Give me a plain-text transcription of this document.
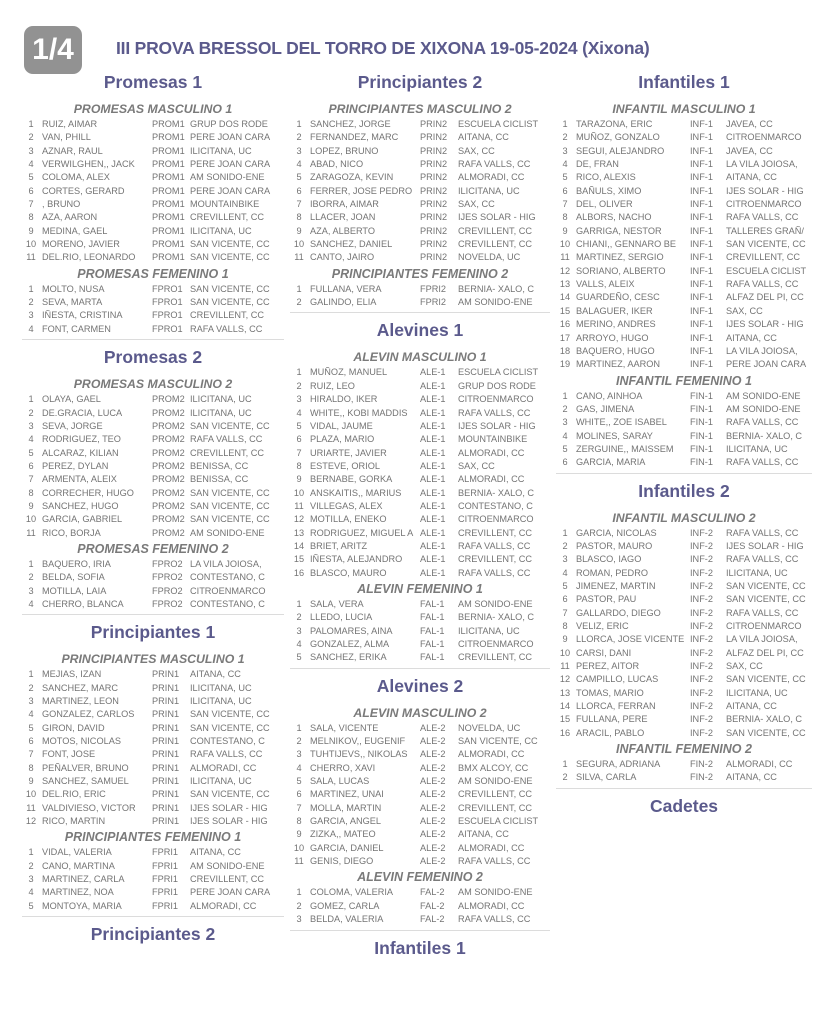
1/4	III PROVA BRESSOL DEL TORRO DE XIXONA 19-05-2024 (Xixona)
Promesas 1
PROMESAS MASCULINO 1
1 RUIZ, AIMAR	PROM1 GRUP DOS RODE
2 VAN, PHILL	PROM1 PERE JOAN CARA
3 AZNAR, RAUL	PROM1 ILICITANA, UC
4 VERWILGHEN,, JACK	PROM1 PERE JOAN CARA
5 COLOMA, ALEX	PROM1 AM SONIDO-ENE
6 CORTES, GERARD	PROM1 PERE JOAN CARA
7 , BRUNO	PROM1 MOUNTAINBIKE
8 AZA, AARON	PROM1 CREVILLENT, CC
9 MEDINA, GAEL	PROM1 ILICITANA, UC
10 MORENO, JAVIER	PROM1 SAN VICENTE, CC
11 DEL.RIO, LEONARDO	PROM1 SAN VICENTE, CC
PROMESAS FEMENINO 1
1 MOLTO, NUSA	FPRO1 SAN VICENTE, CC
2 SEVA, MARTA	FPRO1 SAN VICENTE, CC
3 IÑESTA, CRISTINA	FPRO1 CREVILLENT, CC
4 FONT, CARMEN	FPRO1 RAFA VALLS, CC
Promesas 2
PROMESAS MASCULINO 2
1 OLAYA, GAEL	PROM2 ILICITANA, UC
2 DE.GRACIA, LUCA	PROM2 ILICITANA, UC
3 SEVA, JORGE	PROM2 SAN VICENTE, CC
4 RODRIGUEZ, TEO	PROM2 RAFA VALLS, CC
5 ALCARAZ, KILIAN	PROM2 CREVILLENT, CC
6 PEREZ, DYLAN	PROM2 BENISSA, CC
7 ARMENTA, ALEIX	PROM2 BENISSA, CC
8 CORRECHER, HUGO	PROM2 SAN VICENTE, CC
9 SANCHEZ, HUGO	PROM2 SAN VICENTE, CC
10 GARCIA, GABRIEL	PROM2 SAN VICENTE, CC
11 RICO, BORJA	PROM2 AM SONIDO-ENE
PROMESAS FEMENINO 2
1 BAQUERO, IRIA	FPRO2 LA VILA JOIOSA,
2 BELDA, SOFIA	FPRO2 CONTESTANO, C
3 MOTILLA, LAIA	FPRO2 CITROENMARCO
4 CHERRO, BLANCA	FPRO2 CONTESTANO, C
Principiantes 1
PRINCIPIANTES MASCULINO 1
1 MEJIAS, IZAN	PRIN1	AITANA, CC
2 SANCHEZ, MARC	PRIN1	ILICITANA, UC
3 MARTINEZ, LEON	PRIN1	ILICITANA, UC
4 GONZALEZ, CARLOS	PRIN1	SAN VICENTE, CC
5 GIRON, DAVID	PRIN1	SAN VICENTE, CC
6 MOTOS, NICOLAS	PRIN1	CONTESTANO, C
7 FONT, JOSE	PRIN1	RAFA VALLS, CC
8 PEÑALVER, BRUNO	PRIN1	ALMORADI, CC
9 SANCHEZ, SAMUEL	PRIN1	ILICITANA, UC
10 DEL.RIO, ERIC	PRIN1	SAN VICENTE, CC
11 VALDIVIESO, VICTOR	PRIN1	IJES SOLAR - HIG
12 RICO, MARTIN	PRIN1	IJES SOLAR - HIG
PRINCIPIANTES FEMENINO 1
1 VIDAL, VALERIA	FPRI1	AITANA, CC
2 CANO, MARTINA	FPRI1	AM SONIDO-ENE
3 MARTINEZ, CARLA	FPRI1	CREVILLENT, CC
4 MARTINEZ, NOA	FPRI1	PERE JOAN CARA
5 MONTOYA, MARIA	FPRI1	ALMORADI, CC
Principiantes 2
Principiantes 2
PRINCIPIANTES MASCULINO 2
1 SANCHEZ, JORGE	PRIN2	ESCUELA CICLIST
2 FERNANDEZ, MARC	PRIN2	AITANA, CC
3 LOPEZ, BRUNO	PRIN2	SAX, CC
4 ABAD, NICO	PRIN2	RAFA VALLS, CC
5 ZARAGOZA, KEVIN	PRIN2	ALMORADI, CC
6 FERRER, JOSE PEDRO PRIN2	ILICITANA, UC
7 IBORRA, AIMAR	PRIN2	SAX, CC
8 LLACER, JOAN	PRIN2	IJES SOLAR - HIG
9 AZA, ALBERTO	PRIN2	CREVILLENT, CC
10 SANCHEZ, DANIEL	PRIN2	CREVILLENT, CC
11 CANTO, JAIRO	PRIN2	NOVELDA, UC
PRINCIPIANTES FEMENINO 2
1 FULLANA, VERA	FPRI2	BERNIA- XALO, C
2 GALINDO, ELIA	FPRI2	AM SONIDO-ENE
Alevines 1
ALEVIN MASCULINO 1
1 MUÑOZ, MANUEL	ALE-1	ESCUELA CICLIST
2 RUIZ, LEO	ALE-1	GRUP DOS RODE
3 HIRALDO, IKER	ALE-1	CITROENMARCO
4 WHITE,, KOBI MADDIS	ALE-1	RAFA VALLS, CC
5 VIDAL, JAUME	ALE-1	IJES SOLAR - HIG
6 PLAZA, MARIO	ALE-1	MOUNTAINBIKE
7 URIARTE, JAVIER	ALE-1	ALMORADI, CC
8 ESTEVE, ORIOL	ALE-1	SAX, CC
9 BERNABE, GORKA	ALE-1	ALMORADI, CC
10 ANSKAITIS,, MARIUS	ALE-1	BERNIA- XALO, C
11 VILLEGAS, ALEX	ALE-1	CONTESTANO, C
12 MOTILLA, ENEKO	ALE-1	CITROENMARCO
13 RODRIGUEZ, MIGUEL A ALE-1	CREVILLENT, CC
14 BRIET, ARITZ	ALE-1	RAFA VALLS, CC
15 IÑESTA, ALEJANDRO	ALE-1	CREVILLENT, CC
16 BLASCO, MAURO	ALE-1	RAFA VALLS, CC
ALEVIN FEMENINO 1
1 SALA, VERA	FAL-1	AM SONIDO-ENE
2 LLEDO, LUCIA	FAL-1	BERNIA- XALO, C
3 PALOMARES, AINA	FAL-1	ILICITANA, UC
4 GONZALEZ, ALMA	FAL-1	CITROENMARCO
5 SANCHEZ, ERIKA	FAL-1	CREVILLENT, CC
Alevines 2
ALEVIN MASCULINO 2
1 SALA, VICENTE	ALE-2	NOVELDA, UC
2 MELNIKOV,, EUGENIF	ALE-2	SAN VICENTE, CC
3 TUHTIJEVS,, NIKOLAS	ALE-2	ALMORADI, CC
4 CHERRO, XAVI	ALE-2	BMX ALCOY, CC
5 SALA, LUCAS	ALE-2	AM SONIDO-ENE
6 MARTINEZ, UNAI	ALE-2	CREVILLENT, CC
7 MOLLA, MARTIN	ALE-2	CREVILLENT, CC
8 GARCIA, ANGEL	ALE-2	ESCUELA CICLIST
9 ZIZKA,, MATEO	ALE-2	AITANA, CC
10 GARCIA, DANIEL	ALE-2	ALMORADI, CC
11 GENIS, DIEGO	ALE-2	RAFA VALLS, CC
ALEVIN FEMENINO 2
1 COLOMA, VALERIA	FAL-2	AM SONIDO-ENE
2 GOMEZ, CARLA	FAL-2	ALMORADI, CC
3 BELDA, VALERIA	FAL-2	RAFA VALLS, CC
Infantiles 1
Infantiles 1
INFANTIL MASCULINO 1
1 TARAZONA, ERIC	INF-1	JAVEA, CC
2 MUÑOZ, GONZALO	INF-1	CITROENMARCO
3 SEGUI, ALEJANDRO	INF-1	JAVEA, CC
4 DE, FRAN	INF-1	LA VILA JOIOSA,
5 RICO, ALEXIS	INF-1	AITANA, CC
6 BAÑULS, XIMO	INF-1	IJES SOLAR - HIG
7 DEL, OLIVER	INF-1	CITROENMARCO
8 ALBORS, NACHO	INF-1	RAFA VALLS, CC
9 GARRIGA, NESTOR	INF-1	TALLERES GRAÑ/
10 CHIANI,, GENNARO BE	INF-1	SAN VICENTE, CC
11 MARTINEZ, SERGIO	INF-1	CREVILLENT, CC
12 SORIANO, ALBERTO	INF-1	ESCUELA CICLIST
13 VALLS, ALEIX	INF-1	RAFA VALLS, CC
14 GUARDEÑO, CESC	INF-1	ALFAZ DEL PI, CC
15 BALAGUER, IKER	INF-1	SAX, CC
16 MERINO, ANDRES	INF-1	IJES SOLAR - HIG
17 ARROYO, HUGO	INF-1	AITANA, CC
18 BAQUERO, HUGO	INF-1	LA VILA JOIOSA,
19 MARTINEZ, AARON	INF-1	PERE JOAN CARA
INFANTIL FEMENINO 1
1 CANO, AINHOA	FIN-1	AM SONIDO-ENE
2 GAS, JIMENA	FIN-1	AM SONIDO-ENE
3 WHITE,, ZOE ISABEL	FIN-1	RAFA VALLS, CC
4 MOLINES, SARAY	FIN-1	BERNIA- XALO, C
5 ZERGUINE,, MAISSEM	FIN-1	ILICITANA, UC
6 GARCIA, MARIA	FIN-1	RAFA VALLS, CC
Infantiles 2
INFANTIL MASCULINO 2
1 GARCIA, NICOLAS	INF-2	RAFA VALLS, CC
2 PASTOR, MAURO	INF-2	IJES SOLAR - HIG
3 BLASCO, IAGO	INF-2	RAFA VALLS, CC
4 ROMAN, PEDRO	INF-2	ILICITANA, UC
5 JIMENEZ, MARTIN	INF-2	SAN VICENTE, CC
6 PASTOR, PAU	INF-2	SAN VICENTE, CC
7 GALLARDO, DIEGO	INF-2	RAFA VALLS, CC
8 VELIZ, ERIC	INF-2	CITROENMARCO
9 LLORCA, JOSE VICENTE INF-2	LA VILA JOIOSA,
10 CARSI, DANI	INF-2	ALFAZ DEL PI, CC
11 PEREZ, AITOR	INF-2	SAX, CC
12 CAMPILLO, LUCAS	INF-2	SAN VICENTE, CC
13 TOMAS, MARIO	INF-2	ILICITANA, UC
14 LLORCA, FERRAN	INF-2	AITANA, CC
15 FULLANA, PERE	INF-2	BERNIA- XALO, C
16 ARACIL, PABLO	INF-2	SAN VICENTE, CC
INFANTIL FEMENINO 2
1 SEGURA, ADRIANA	FIN-2	ALMORADI, CC
2 SILVA, CARLA	FIN-2	AITANA, CC
Cadetes
